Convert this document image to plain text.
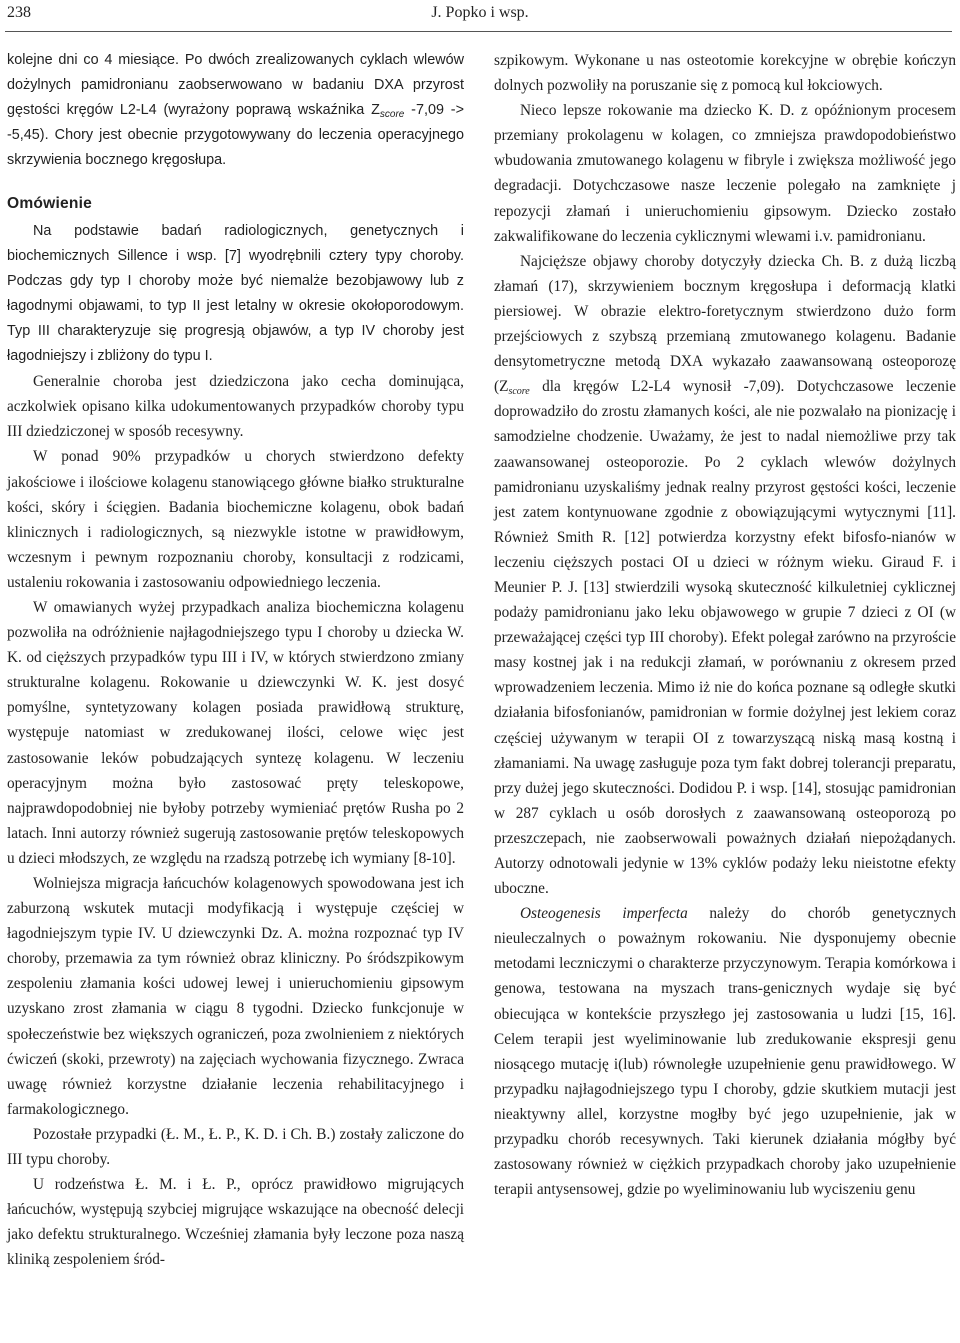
238	J. Popko i wsp.

kolejne dni co 4 miesiące. Po dwóch zrealizowanych cyklach wlewów dożylnych pamidronianu zaobserwowano w badaniu DXA przyrost gęstości kręgów L2-L4 (wyrażony poprawą wskaźnika $Z_{score}$ -7,09 -> -5,45). Chory jest obecnie przygotowywany do leczenia operacyjnego skrzywienia bocznego kręgosłupa.

Omówienie

Na podstawie badań radiologicznych, genetycznych i biochemicznych Sillence i wsp. [7] wyodrębnili cztery typy choroby. Podczas gdy typ I choroby może być niemalże bezobjawowy lub z łagodnymi objawami, to typ II jest letalny w okresie okołoporodowym. Typ III charakteryzuje się progresją objawów, a typ IV choroby jest łagodniejszy i zbliżony do typu I.

Generalnie choroba jest dziedziczona jako cecha dominująca, aczkolwiek opisano kilka udokumentowanych przypadków choroby typu III dziedziczonej w sposób recesywny.

W ponad 90% przypadków u chorych stwierdzono defekty jakościowe i ilościowe kolagenu stanowiącego główne białko strukturalne kości, skóry i ścięgien. Badania biochemiczne kolagenu, obok badań klinicznych i radiologicznych, są niezwykle istotne w prawidłowym, wczesnym i pewnym rozpoznaniu choroby, konsultacji z rodzicami, ustaleniu rokowania i zastosowaniu odpowiedniego leczenia.

W omawianych wyżej przypadkach analiza biochemiczna kolagenu pozwoliła na odróżnienie najłagodniejszego typu I choroby u dziecka W. K. od cięższych przypadków typu III i IV, w których stwierdzono zmiany strukturalne kolagenu. Rokowanie u dziewczynki W. K. jest dosyć pomyślne, syntetyzowany kolagen posiada prawidłową strukturę, występuje natomiast w zredukowanej ilości, celowe więc jest zastosowanie leków pobudzających syntezę kolagenu. W leczeniu operacyjnym można było zastosować pręty teleskopowe, najprawdopodobniej nie byłoby potrzeby wymieniać prętów Rusha po 2 latach. Inni autorzy również sugerują zastosowanie prętów teleskopowych u dzieci młodszych, ze względu na rzadszą potrzebę ich wymiany [8-10].

Wolniejsza migracja łańcuchów kolagenowych spowodowana jest ich zaburzoną wskutek mutacji modyfikacją i występuje częściej w łagodniejszym typie IV. U dziewczynki Dz. A. można rozpoznać typ IV choroby, przemawia za tym również obraz kliniczny. Po śródszpikowym zespoleniu złamania kości udowej lewej i unieruchomieniu gipsowym uzyskano zrost złamania w ciągu 8 tygodni. Dziecko funkcjonuje w społeczeństwie bez większych ograniczeń, poza zwolnieniem z niektórych ćwiczeń (skoki, przewroty) na zajęciach wychowania fizycznego. Zwraca uwagę również korzystne działanie leczenia rehabilitacyjnego i farmakologicznego.

Pozostałe przypadki (Ł. M., Ł. P., K. D. i Ch. B.) zostały zaliczone do III typu choroby.

U rodzeństwa Ł. M. i Ł. P., oprócz prawidłowo migrujących łańcuchów, występują szybciej migrujące wskazujące na obecność delecji jako defektu strukturalnego. Wcześniej złamania były leczone poza naszą kliniką zespoleniem śród-

szpikowym. Wykonane u nas osteotomie korekcyjne w obrębie kończyn dolnych pozwoliły na poruszanie się z pomocą kul łokciowych.

Nieco lepsze rokowanie ma dziecko K. D. z opóźnionym procesem przemiany prokolagenu w kolagen, co zmniejsza prawdopodobieństwo wbudowania zmutowanego kolagenu w fibryle i zwiększa możliwość jego degradacji. Dotychczasowe nasze leczenie polegało na zamknięte j repozycji złamań i unieruchomieniu gipsowym. Dziecko zostało zakwalifikowane do leczenia cyklicznymi wlewami i.v. pamidronianu.

Najcięższe objawy choroby dotyczyły dziecka Ch. B. z dużą liczbą złamań (17), skrzywieniem bocznym kręgosłupa i deformacją klatki piersiowej. W obrazie elektro-foretycznym stwierdzono dużo form przejściowych z szybszą przemianą zmutowanego kolagenu. Badanie densytometryczne metodą DXA wykazało zaawansowaną osteoporozę ($Z_{score}$ dla kręgów L2-L4 wynosił -7,09). Dotychczasowe leczenie doprowadziło do zrostu złamanych kości, ale nie pozwalało na pionizację i samodzielne chodzenie. Uważamy, że jest to nadal niemożliwe przy tak zaawansowanej osteoporozie. Po 2 cyklach wlewów dożylnych pamidronianu uzyskaliśmy jednak realny przyrost gęstości kości, leczenie jest zatem kontynuowane zgodnie z obowiązującymi wytycznymi [11]. Również Smith R. [12] potwierdza korzystny efekt bifosfo-nianów w leczeniu cięższych postaci OI u dzieci w różnym wieku. Giraud F. i Meunier P. J. [13] stwierdzili wysoką skuteczność kilkuletniej cyklicznej podaży pamidronianu jako leku objawowego w grupie 7 dzieci z OI (w przeważającej części typ III choroby). Efekt polegał zarówno na przyroście masy kostnej jak i na redukcji złamań, w porównaniu z okresem przed wprowadzeniem leczenia. Mimo iż nie do końca poznane są odległe skutki działania bifosfonianów, pamidronian w formie dożylnej jest lekiem coraz częściej używanym w terapii OI z towarzyszącą niską masą kostną i złamaniami. Na uwagę zasługuje poza tym fakt dobrej tolerancji preparatu, przy dużej jego skuteczności. Dodidou P. i wsp. [14], stosując pamidronian w 287 cyklach u osób dorosłych z zaawansowaną osteoporozą po przeszczepach, nie zaobserwowali poważnych działań niepożądanych. Autorzy odnotowali jedynie w 13% cyklów podaży leku nieistotne efekty uboczne.

Osteogenesis imperfecta należy do chorób genetycznych nieuleczalnych o poważnym rokowaniu. Nie dysponujemy obecnie metodami leczniczymi o charakterze przyczynowym. Terapia komórkowa i genowa, testowana na myszach trans-genicznych wydaje się być obiecująca w kontekście przyszłego jej zastosowania u ludzi [15, 16]. Celem terapii jest wyeliminowanie lub zredukowanie ekspresji genu niosącego mutację i(lub) równoległe uzupełnienie genu prawidłowego. W przypadku najłagodniejszego typu I choroby, gdzie skutkiem mutacji jest nieaktywny allel, korzystne mogłby być jego uzupełnienie, jak w przypadku chorób recesywnych. Taki kierunek działania mógłby być zastosowany również w ciężkich przypadkach choroby jako uzupełnienie terapii antysensowej, gdzie po wyeliminowaniu lub wyciszeniu genu
